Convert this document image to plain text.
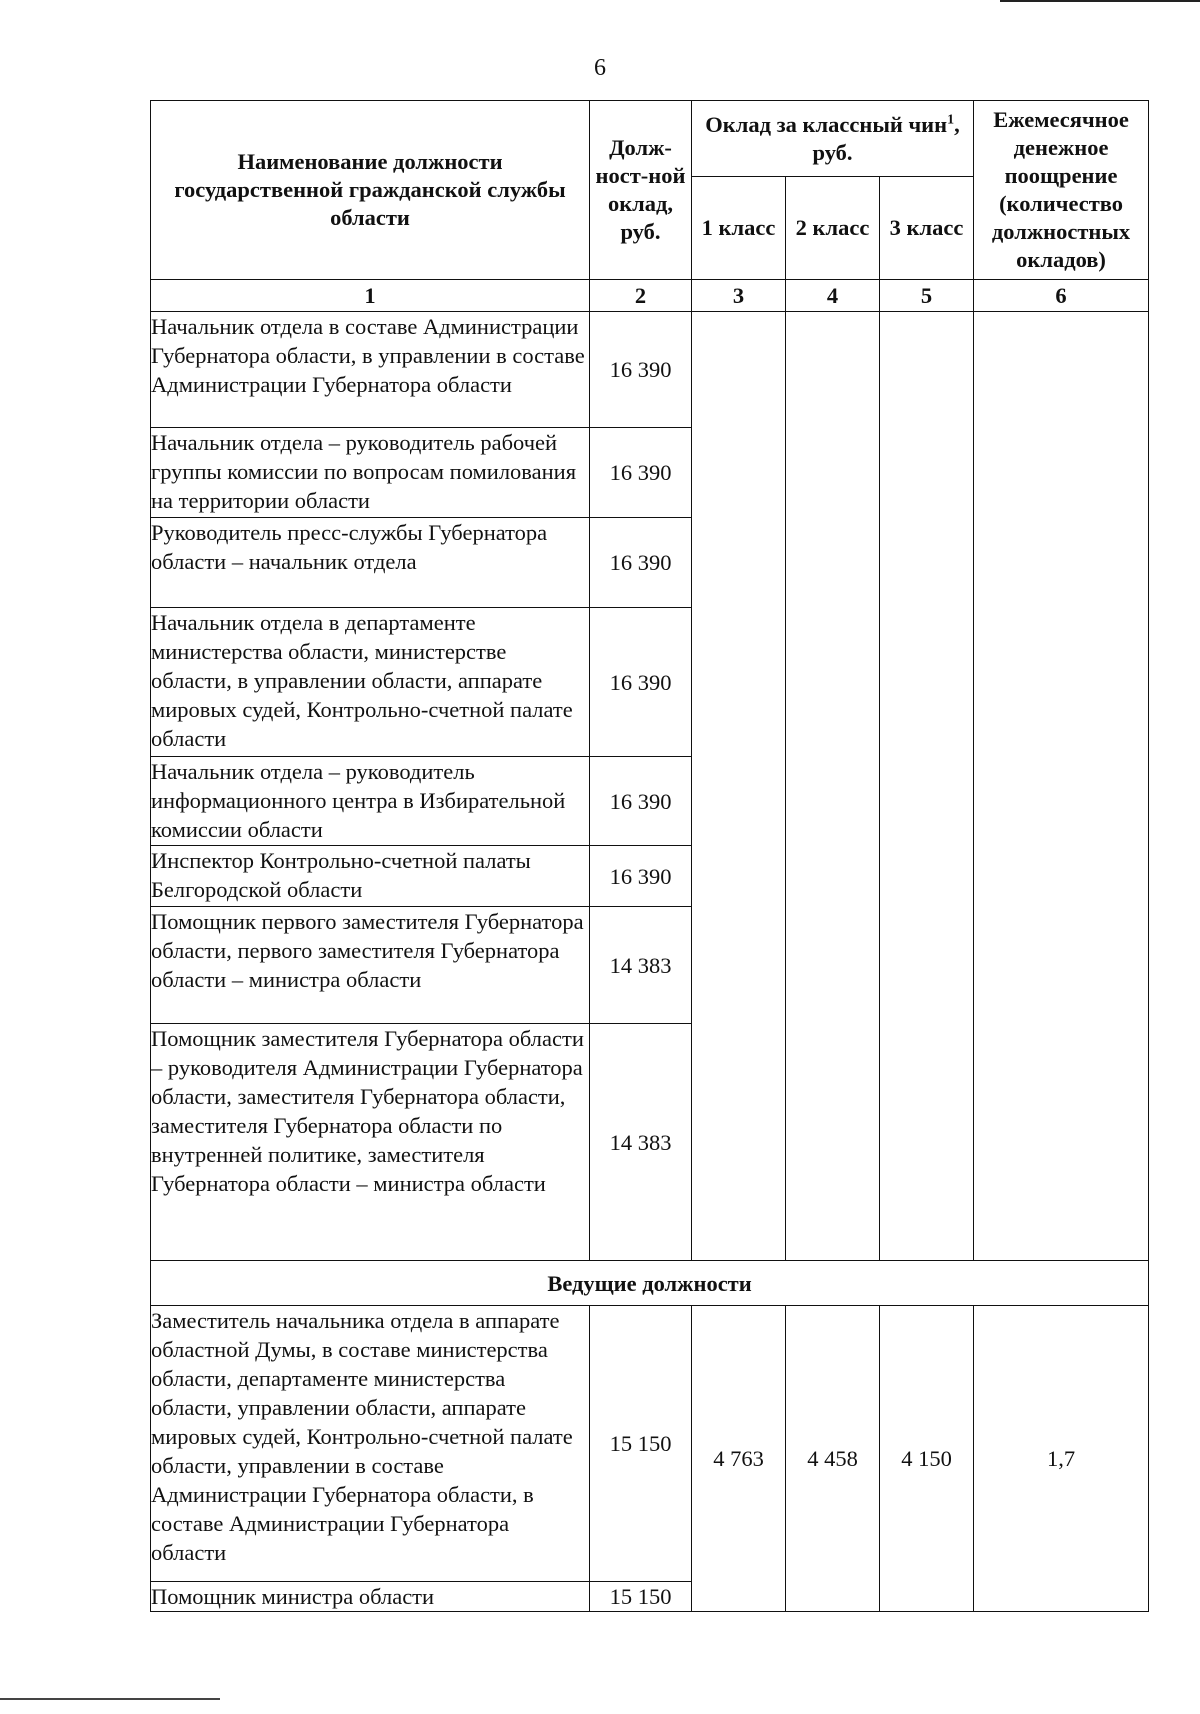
6
Наименование должности государственной гражданской службы области	Долж-ност-ной оклад, руб.	Оклад за классный чин$^1$, руб.			Ежемесячное денежное поощрение (количество должностных окладов)
		1 класс	2 класс	3 класс	
1	2	3	4	5	6
Начальник отдела в составе Администрации Губернатора области, в управлении в составе Администрации Губернатора области	16 390				
Начальник отдела – руководитель рабочей группы комиссии по вопросам помилования на территории области	16 390				
Руководитель пресс-службы Губернатора области – начальник отдела	16 390				
Начальник отдела в департаменте министерства области, министерстве области, в управлении области, аппарате мировых судей, Контрольно-счетной палате области	16 390				
Начальник отдела – руководитель информационного центра в Избирательной комиссии области	16 390				
Инспектор Контрольно-счетной палаты Белгородской области	16 390				
Помощник первого заместителя Губернатора области, первого заместителя Губернатора области – министра области	14 383				
Помощник заместителя Губернатора области – руководителя Администрации Губернатора области, заместителя Губернатора области, заместителя Губернатора области по внутренней политике, заместителя Губернатора области – министра области	14 383				
Ведущие должности					
Заместитель начальника отдела в аппарате областной Думы, в составе министерства области, департаменте министерства области, управлении области, аппарате мировых судей, Контрольно-счетной палате области, управлении в составе Администрации Губернатора области, в составе Администрации Губернатора области	15 150	4 763	4 458	4 150	1,7
Помощник министра области	15 150				
